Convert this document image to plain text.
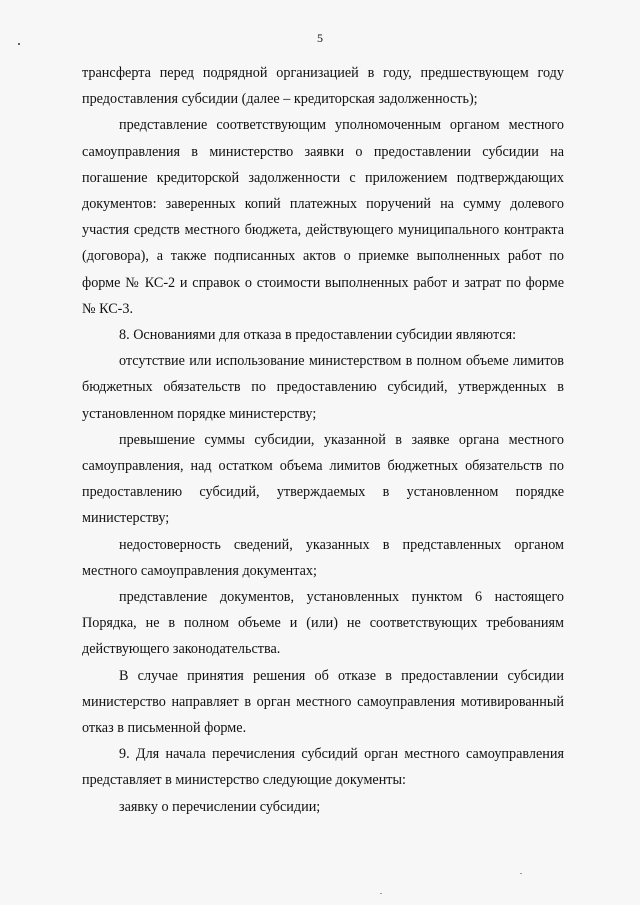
5

трансферта перед подрядной организацией в году, предшествующем году предоставления субсидии (далее – кредиторская задолженность);

представление соответствующим уполномоченным органом местного самоуправления в министерство заявки о предоставлении субсидии на погашение кредиторской задолженности с приложением подтверждающих документов: заверенных копий платежных поручений на сумму долевого участия средств местного бюджета, действующего муниципального контракта (договора), а также подписанных актов о приемке выполненных работ по форме № КС-2 и справок о стоимости выполненных работ и затрат по форме № КС-3.

8. Основаниями для отказа в предоставлении субсидии являются:

отсутствие или использование министерством в полном объеме лимитов бюджетных обязательств по предоставлению субсидий, утвержденных в установленном порядке министерству;

превышение суммы субсидии, указанной в заявке органа местного самоуправления, над остатком объема лимитов бюджетных обязательств по предоставлению субсидий, утверждаемых в установленном порядке министерству;

недостоверность сведений, указанных в представленных органом местного самоуправления документах;

представление документов, установленных пунктом 6 настоящего Порядка, не в полном объеме и (или) не соответствующих требованиям действующего законодательства.

В случае принятия решения об отказе в предоставлении субсидии министерство направляет в орган местного самоуправления мотивированный отказ в письменной форме.

9. Для начала перечисления субсидий орган местного самоуправления представляет в министерство следующие документы:

заявку о перечислении субсидии;
